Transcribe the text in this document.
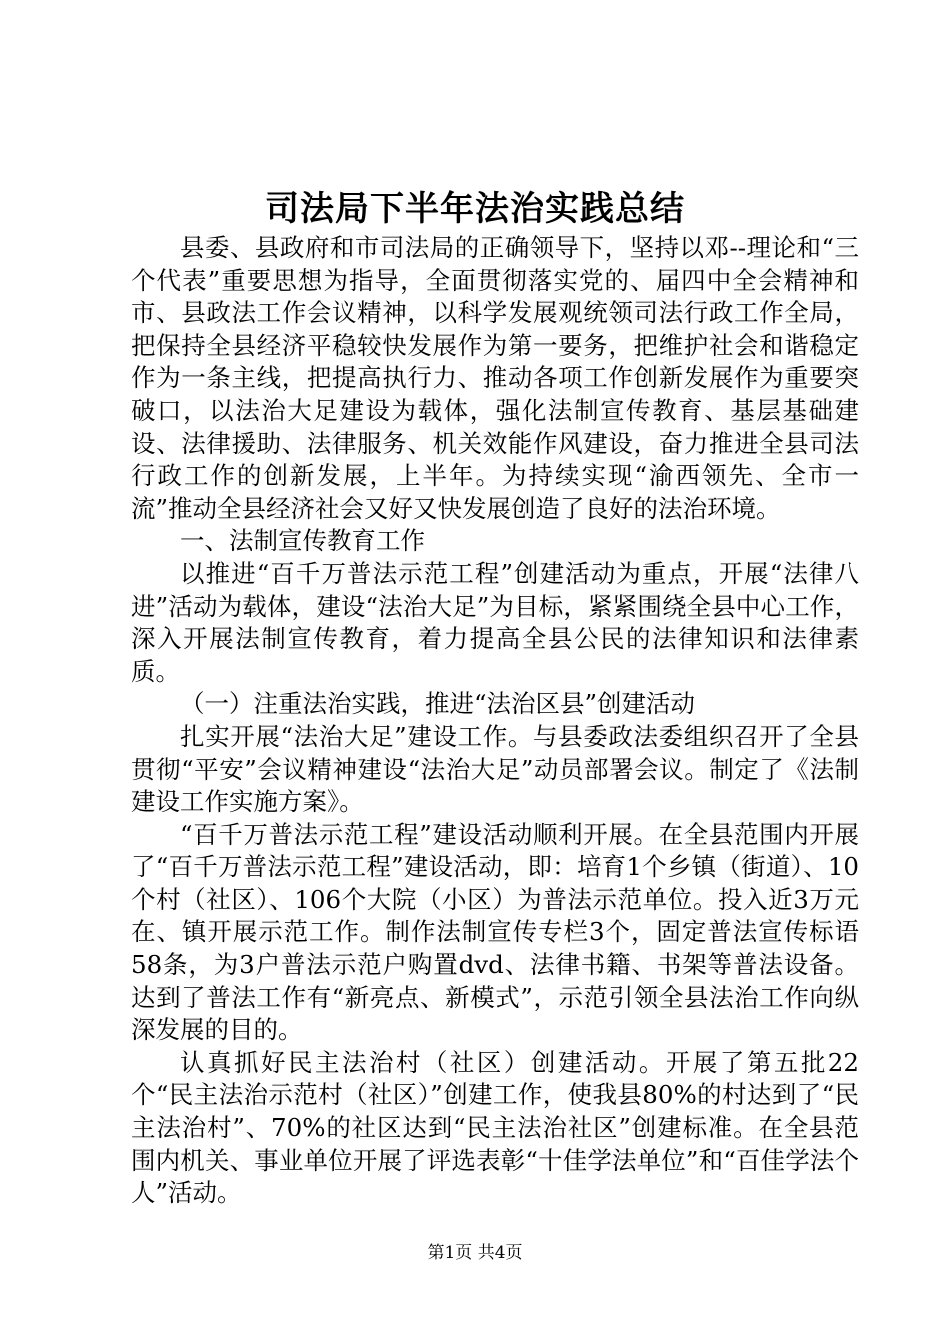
司法局下半年法治实践总结

县委、县政府和市司法局的正确领导下，坚持以邓--理论和“三个代表”重要思想为指导，全面贯彻落实党的、届四中全会精神和市、县政法工作会议精神，以科学发展观统领司法行政工作全局，把保持全县经济平稳较快发展作为第一要务，把维护社会和谐稳定作为一条主线，把提高执行力、推动各项工作创新发展作为重要突破口，以法治大足建设为载体，强化法制宣传教育、基层基础建设、法律援助、法律服务、机关效能作风建设，奋力推进全县司法行政工作的创新发展，上半年。为持续实现“渝西领先、全市一流”推动全县经济社会又好又快发展创造了良好的法治环境。

一、法制宣传教育工作

以推进“百千万普法示范工程”创建活动为重点，开展“法律八进”活动为载体，建设“法治大足”为目标，紧紧围绕全县中心工作，深入开展法制宣传教育，着力提高全县公民的法律知识和法律素质。

（一）注重法治实践，推进“法治区县”创建活动

扎实开展“法治大足”建设工作。与县委政法委组织召开了全县贯彻“平安”会议精神建设“法治大足”动员部署会议。制定了《法制建设工作实施方案》。

“百千万普法示范工程”建设活动顺利开展。在全县范围内开展了“百千万普法示范工程”建设活动，即：培育1个乡镇（街道）、10个村（社区）、106个大院（小区）为普法示范单位。投入近3万元在、镇开展示范工作。制作法制宣传专栏3个，固定普法宣传标语58条，为3户普法示范户购置dvd、法律书籍、书架等普法设备。达到了普法工作有“新亮点、新模式”，示范引领全县法治工作向纵深发展的目的。

认真抓好民主法治村（社区）创建活动。开展了第五批22个“民主法治示范村（社区）”创建工作，使我县80%的村达到了“民主法治村”、70%的社区达到“民主法治社区”创建标准。在全县范围内机关、事业单位开展了评选表彰“十佳学法单位”和“百佳学法个人”活动。

第1页 共4页
